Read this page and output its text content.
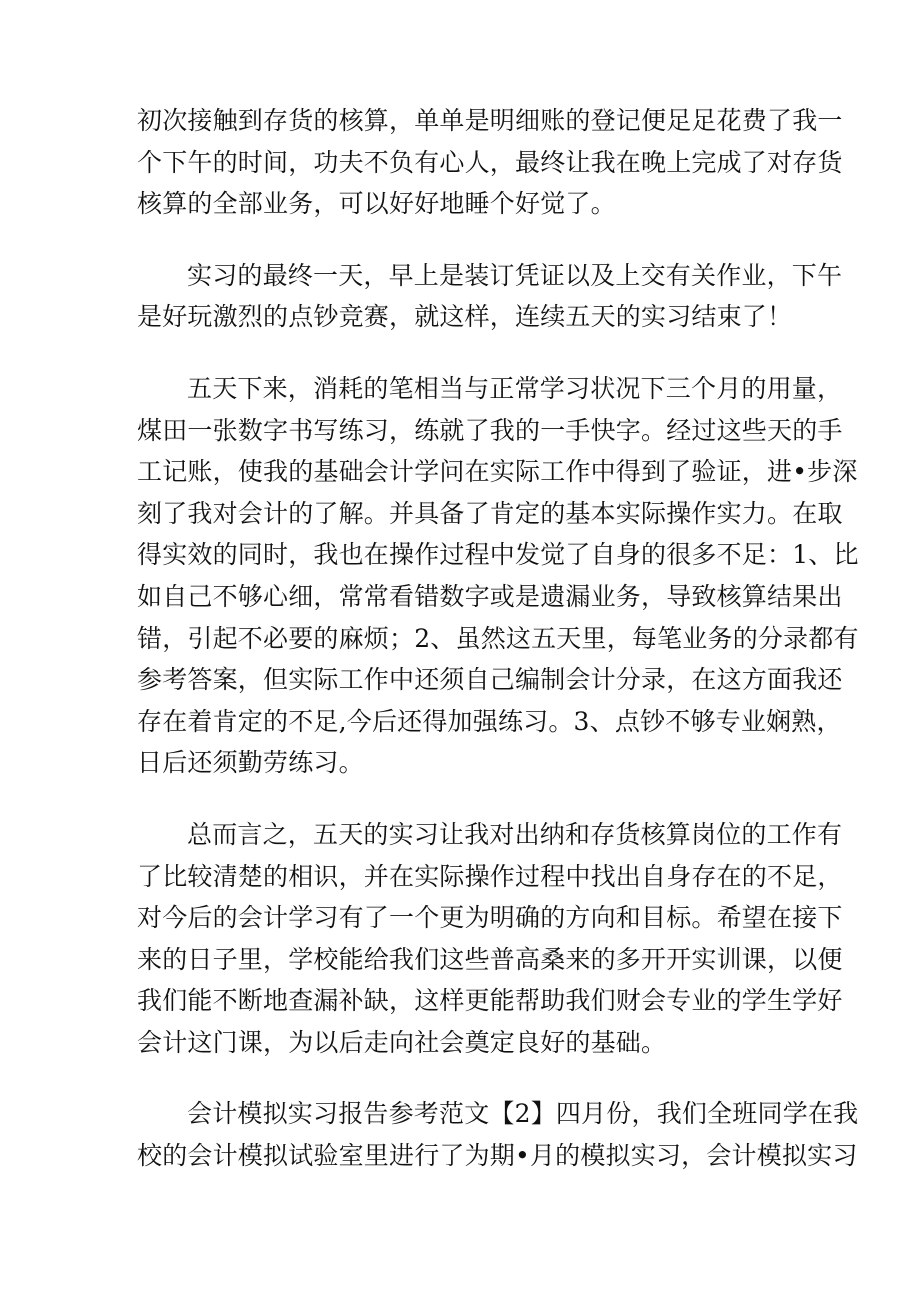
初次接触到存货的核算，单单是明细账的登记便足足花费了我一
个下午的时间，功夫不负有心人，最终让我在晚上完成了对存货
核算的全部业务，可以好好地睡个好觉了。
实习的最终一天，早上是装订凭证以及上交有关作业，下午
是好玩激烈的点钞竞赛，就这样，连续五天的实习结束了！
五天下来，消耗的笔相当与正常学习状况下三个月的用量，
煤田一张数字书写练习，练就了我的一手快字。经过这些天的手
工记账，使我的基础会计学问在实际工作中得到了验证，进•步深
刻了我对会计的了解。并具备了肯定的基本实际操作实力。在取
得实效的同时，我也在操作过程中发觉了自身的很多不足：1、比
如自己不够心细，常常看错数字或是遗漏业务，导致核算结果出
错，引起不必要的麻烦；2、虽然这五天里，每笔业务的分录都有
参考答案，但实际工作中还须自己编制会计分录，在这方面我还
存在着肯定的不足,今后还得加强练习。3、点钞不够专业娴熟，
日后还须勤劳练习。
总而言之，五天的实习让我对出纳和存货核算岗位的工作有
了比较清楚的相识，并在实际操作过程中找出自身存在的不足，
对今后的会计学习有了一个更为明确的方向和目标。希望在接下
来的日子里，学校能给我们这些普高桑来的多开开实训课，以便
我们能不断地查漏补缺，这样更能帮助我们财会专业的学生学好
会计这门课，为以后走向社会奠定良好的基础。
会计模拟实习报告参考范文【2】四月份，我们全班同学在我
校的会计模拟试验室里进行了为期•月的模拟实习，会计模拟实习
